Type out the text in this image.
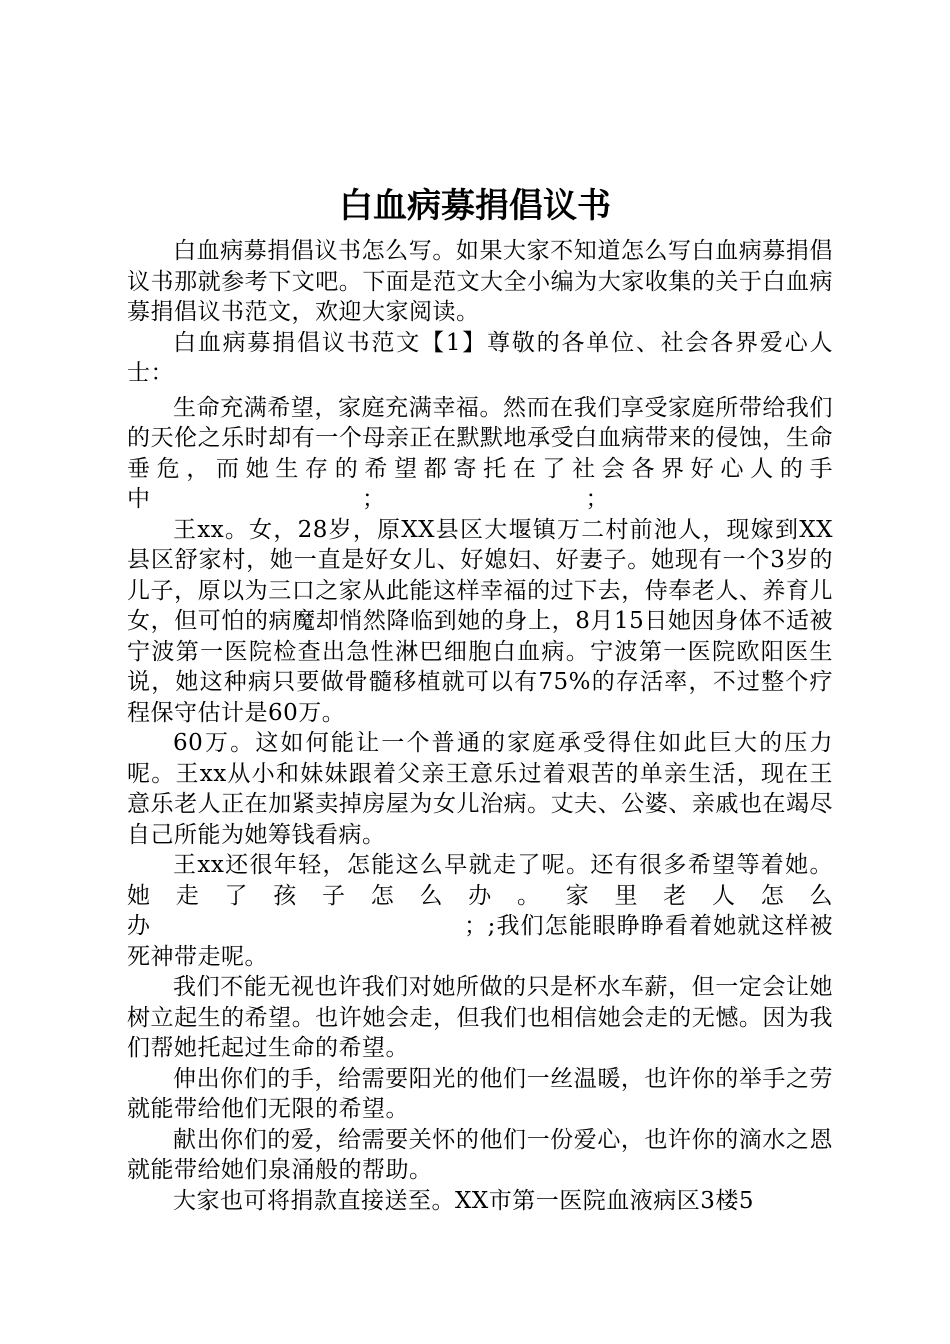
白血病募捐倡议书

白血病募捐倡议书怎么写。如果大家不知道怎么写白血病募捐倡议书那就参考下文吧。下面是范文大全小编为大家收集的关于白血病募捐倡议书范文，欢迎大家阅读。

白血病募捐倡议书范文【1】尊敬的各单位、社会各界爱心人士：

生命充满希望，家庭充满幸福。然而在我们享受家庭所带给我们的天伦之乐时却有一个母亲正在默默地承受白血病带来的侵蚀，生命垂危，而她生存的希望都寄托在了社会各界好心人的手中　　　　　　　　　；　　　　　　　　　；

王xx。女，28岁，原XX县区大堰镇万二村前池人，现嫁到XX县区舒家村，她一直是好女儿、好媳妇、好妻子。她现有一个3岁的儿子，原以为三口之家从此能这样幸福的过下去，侍奉老人、养育儿女，但可怕的病魔却悄然降临到她的身上，8月15日她因身体不适被宁波第一医院检查出急性淋巴细胞白血病。宁波第一医院欧阳医生说，她这种病只要做骨髓移植就可以有75%的存活率，不过整个疗程保守估计是60万。

60万。这如何能让一个普通的家庭承受得住如此巨大的压力呢。王xx从小和妹妹跟着父亲王意乐过着艰苦的单亲生活，现在王意乐老人正在加紧卖掉房屋为女儿治病。丈夫、公婆、亲戚也在竭尽自己所能为她筹钱看病。

王xx还很年轻，怎能这么早就走了呢。还有很多希望等着她。她走了孩子怎么办。家里老人怎么办　　　　　　　　　　　　　；;我们怎能眼睁睁看着她就这样被死神带走呢。

我们不能无视也许我们对她所做的只是杯水车薪，但一定会让她树立起生的希望。也许她会走，但我们也相信她会走的无憾。因为我们帮她托起过生命的希望。

伸出你们的手，给需要阳光的他们一丝温暖，也许你的举手之劳就能带给他们无限的希望。

献出你们的爱，给需要关怀的他们一份爱心，也许你的滴水之恩就能带给她们泉涌般的帮助。

大家也可将捐款直接送至。XX市第一医院血液病区3楼5
